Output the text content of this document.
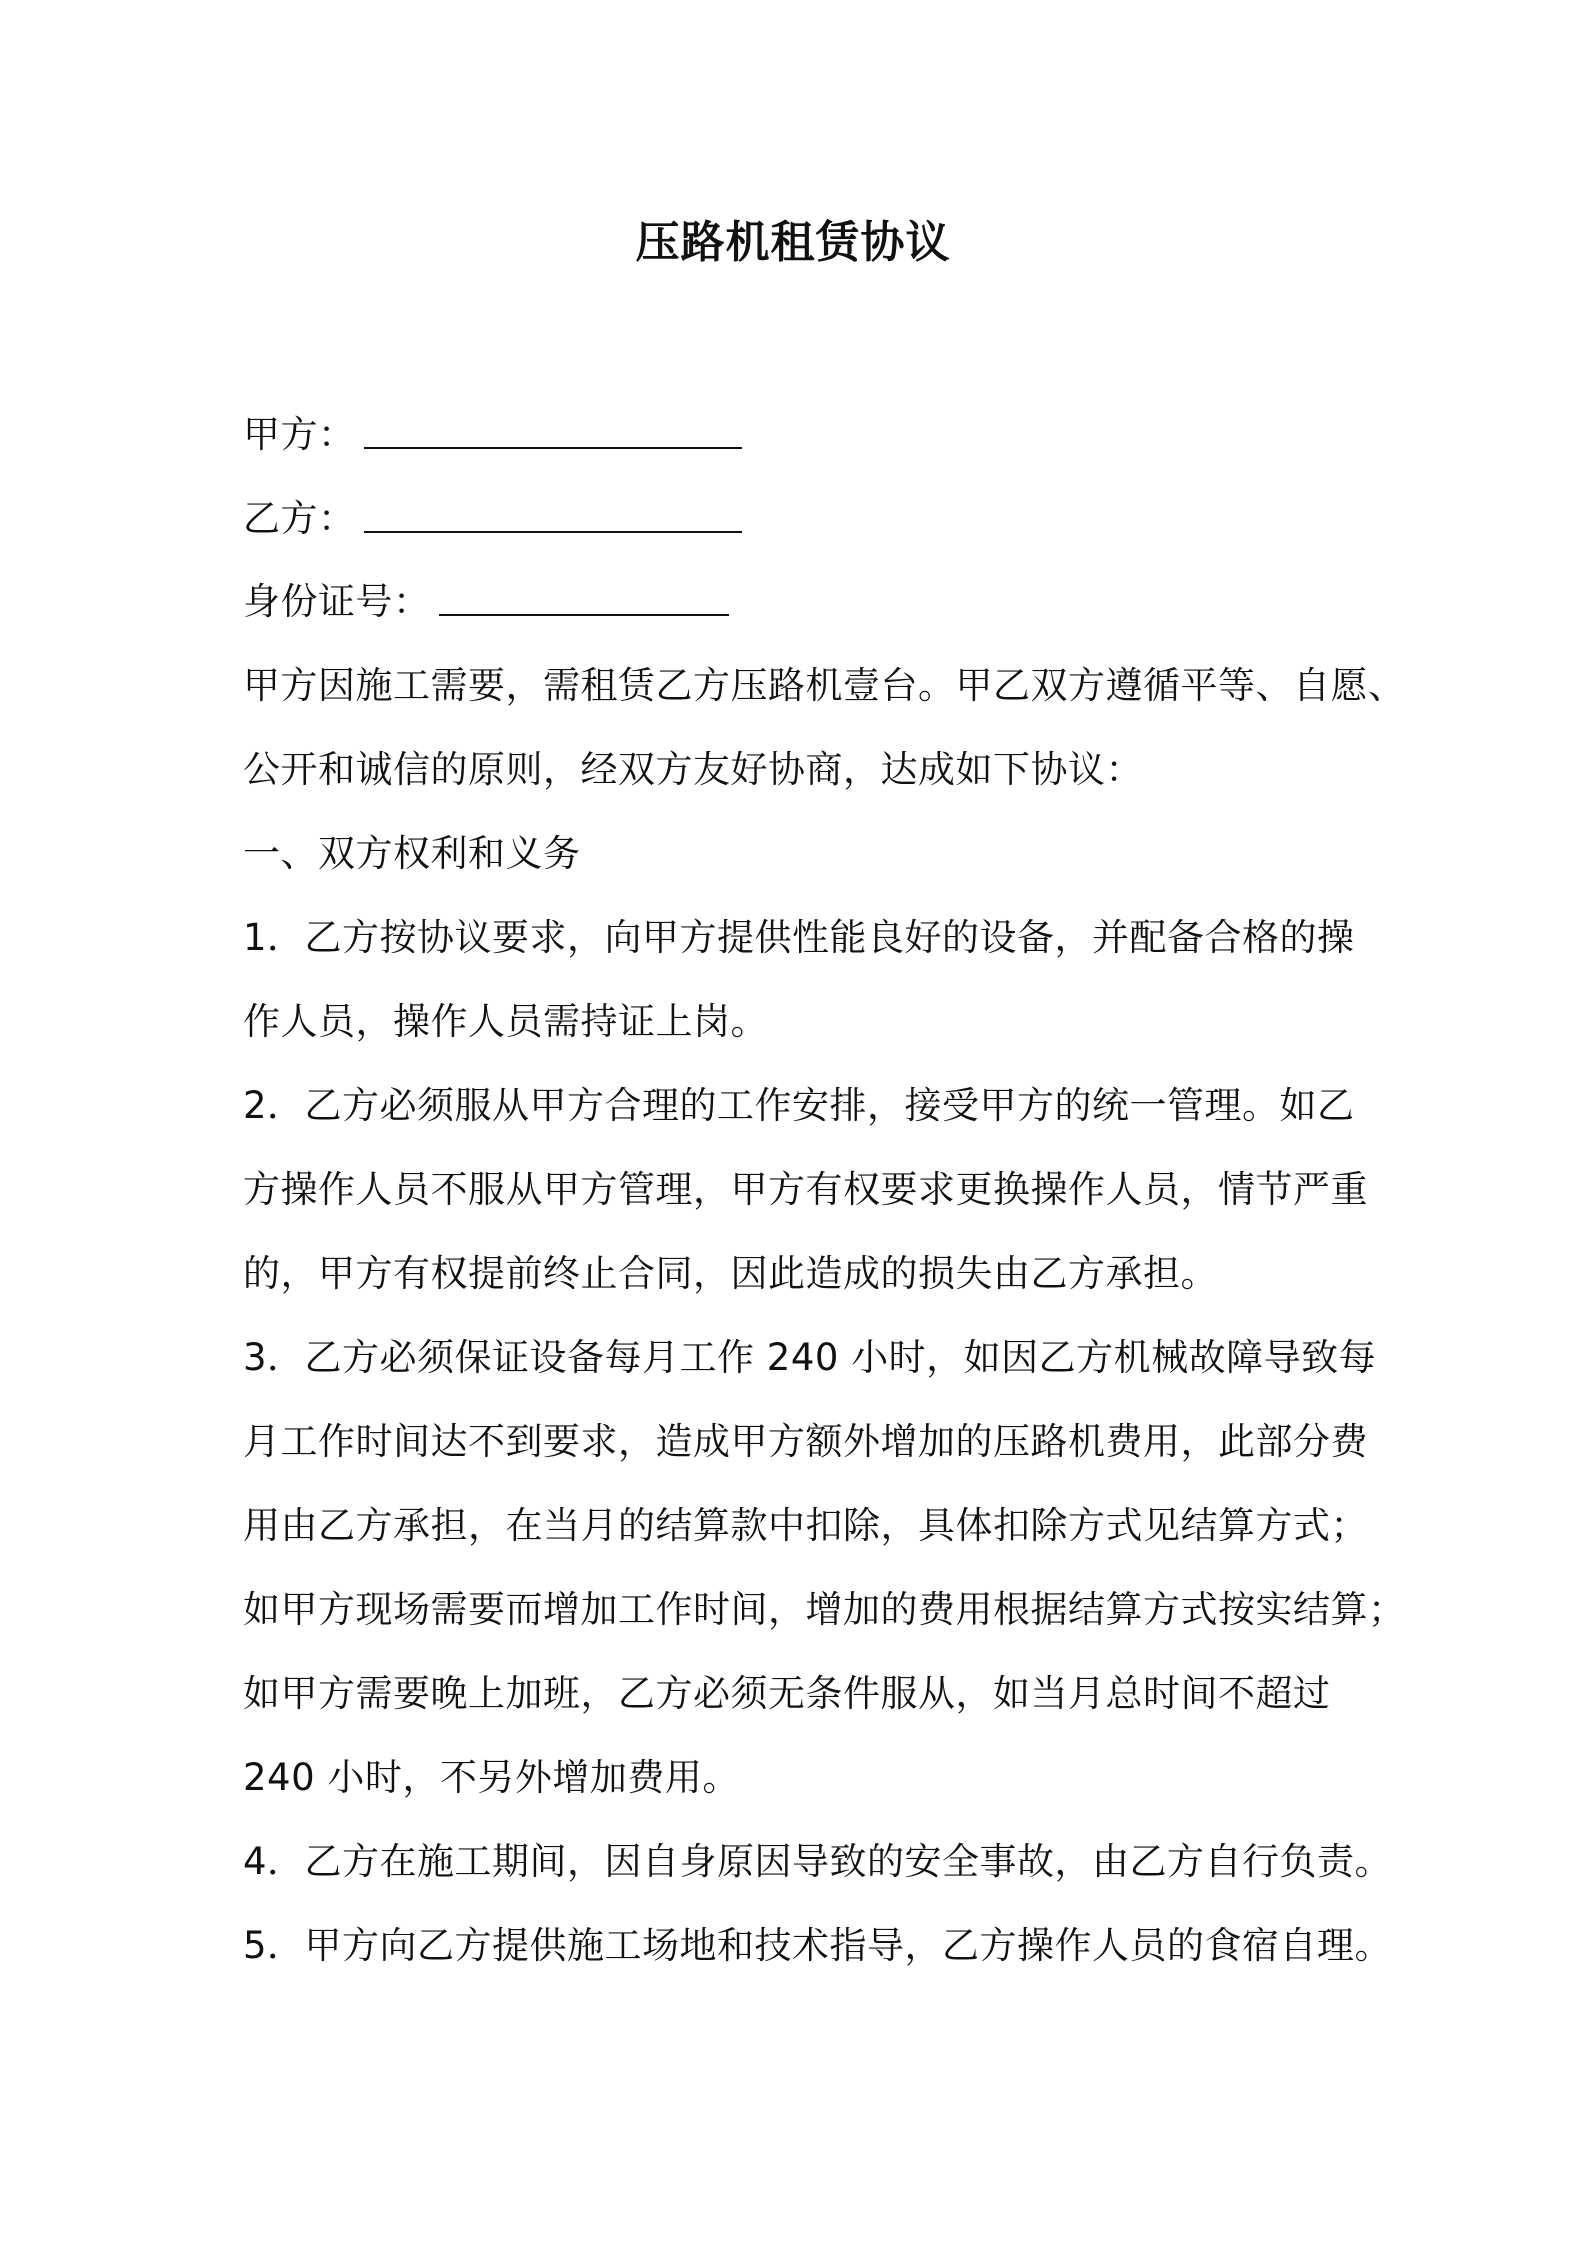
压路机租赁协议
甲方：
乙方：
身份证号：
甲方因施工需要，需租赁乙方压路机壹台。甲乙双方遵循平等、自愿、
公开和诚信的原则，经双方友好协商，达成如下协议：
一、双方权利和义务
1．乙方按协议要求，向甲方提供性能良好的设备，并配备合格的操
作人员，操作人员需持证上岗。
2．乙方必须服从甲方合理的工作安排，接受甲方的统一管理。如乙
方操作人员不服从甲方管理，甲方有权要求更换操作人员，情节严重
的，甲方有权提前终止合同，因此造成的损失由乙方承担。
3．乙方必须保证设备每月工作 240 小时，如因乙方机械故障导致每
月工作时间达不到要求，造成甲方额外增加的压路机费用，此部分费
用由乙方承担，在当月的结算款中扣除，具体扣除方式见结算方式；
如甲方现场需要而增加工作时间，增加的费用根据结算方式按实结算；
如甲方需要晚上加班，乙方必须无条件服从，如当月总时间不超过
240 小时，不另外增加费用。
4．乙方在施工期间，因自身原因导致的安全事故，由乙方自行负责。
5．甲方向乙方提供施工场地和技术指导，乙方操作人员的食宿自理。
